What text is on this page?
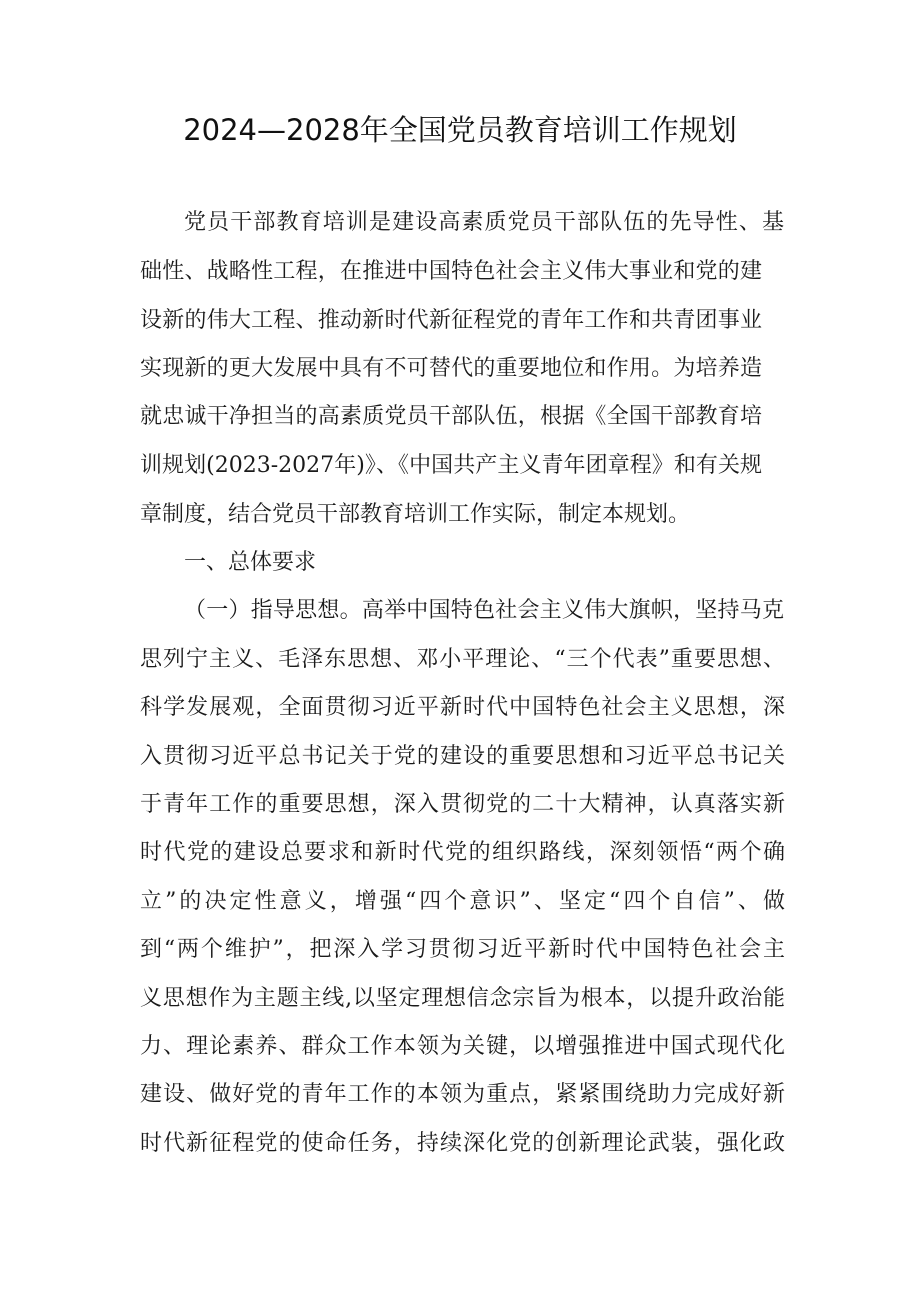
2024—2028年全国党员教育培训工作规划
党员干部教育培训是建设高素质党员干部队伍的先导性、基
础性、战略性工程，在推进中国特色社会主义伟大事业和党的建
设新的伟大工程、推动新时代新征程党的青年工作和共青团事业
实现新的更大发展中具有不可替代的重要地位和作用。为培养造
就忠诚干净担当的高素质党员干部队伍，根据《全国干部教育培
训规划(2023-2027年)》、《中国共产主义青年团章程》和有关规
章制度，结合党员干部教育培训工作实际，制定本规划。
一、总体要求
（一）指导思想。高举中国特色社会主义伟大旗帜，坚持马克
思列宁主义、毛泽东思想、邓小平理论、“三个代表”重要思想、
科学发展观，全面贯彻习近平新时代中国特色社会主义思想，深
入贯彻习近平总书记关于党的建设的重要思想和习近平总书记关
于青年工作的重要思想，深入贯彻党的二十大精神，认真落实新
时代党的建设总要求和新时代党的组织路线，深刻领悟“两个确
立”的决定性意义，增强“四个意识”、坚定“四个自信”、做
到“两个维护”，把深入学习贯彻习近平新时代中国特色社会主
义思想作为主题主线,以坚定理想信念宗旨为根本，以提升政治能
力、理论素养、群众工作本领为关键，以增强推进中国式现代化
建设、做好党的青年工作的本领为重点，紧紧围绕助力完成好新
时代新征程党的使命任务，持续深化党的创新理论武装，强化政
